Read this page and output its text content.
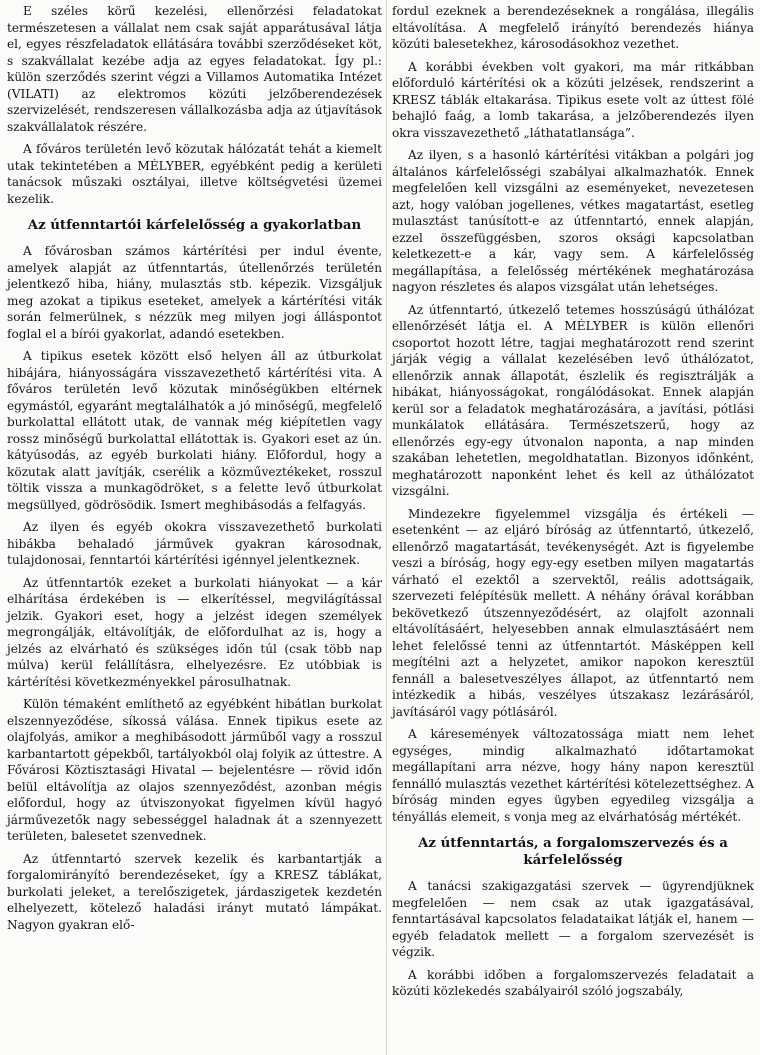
E széles körű kezelési, ellenőrzési feladatokat természetesen a vállalat nem csak saját apparátusával látja el, egyes részfeladatok ellátására további szerződéseket köt, s szakvállalat kezébe adja az egyes feladatokat. Így pl.: külön szerződés szerint végzi a Villamos Automatika Intézet (VILATI) az elektromos közúti jelzőberendezések szervizelését, rendszeresen vállalkozásba adja az útjavítások szakvállalatok részére.

A főváros területén levő közutak hálózatát tehát a kiemelt utak tekintetében a MÉLYBER, egyébként pedig a kerületi tanácsok műszaki osztályai, illetve költségvetési üzemei kezelik.

Az útfenntartói kárfelelősség a gyakorlatban

A fővárosban számos kártérítési per indul évente, amelyek alapját az útfenntartás, útellenőrzés területén jelentkező hiba, hiány, mulasztás stb. képezik. Vizsgáljuk meg azokat a tipikus eseteket, amelyek a kártérítési viták során felmerülnek, s nézzük meg milyen jogi álláspontot foglal el a bírói gyakorlat, adandó esetekben.

A tipikus esetek között első helyen áll az útburkolat hibájára, hiányosságára visszavezethető kártérítési vita. A főváros területén levő közutak minőségükben eltérnek egymástól, egyaránt megtalálhatók a jó minőségű, megfelelő burkolattal ellátott utak, de vannak még kiépítetlen vagy rossz minőségű burkolattal ellátottak is. Gyakori eset az ún. kátyúsodás, az egyéb burkolati hiány. Előfordul, hogy a közutak alatt javítják, cserélik a közműveztékeket, rosszul töltik vissza a munkagödröket, s a felette levő útburkolat megsüllyed, gödrösödik. Ismert meghibásodás a felfagyás.

Az ilyen és egyéb okokra visszavezethető burkolati hibákba behaladó járművek gyakran károsodnak, tulajdonosai, fenntartói kártérítési igénnyel jelentkeznek.

Az útfenntartók ezeket a burkolati hiányokat — a kár elhárítása érdekében is — elkerítéssel, megvilágítással jelzik. Gyakori eset, hogy a jelzést idegen személyek megrongálják, eltávolítják, de előfordulhat az is, hogy a jelzés az elvárható és szükséges időn túl (csak több nap múlva) kerül felállításra, elhelyezésre. Ez utóbbiak is kártérítési következményekkel párosulhatnak.

Külön témaként említhető az egyébként hibátlan burkolat elszennyeződése, síkossá válása. Ennek tipikus esete az olajfolyás, amikor a meghibásodott járműből vagy a rosszul karbantartott gépekből, tartályokból olaj folyik az úttestre. A Fővárosi Köztisztasági Hivatal — bejelentésre — rövid időn belül eltávolítja az olajos szennyeződést, azonban mégis előfordul, hogy az útviszonyokat figyelmen kívül hagyó járművezetők nagy sebességgel haladnak át a szennyezett területen, balesetet szenvednek.

Az útfenntartó szervek kezelik és karbantartják a forgalomirányító berendezéseket, így a KRESZ táblákat, burkolati jeleket, a terelőszigetek, járdaszigetek kezdetén elhelyezett, kötelező haladási irányt mutató lámpákat. Nagyon gyakran elő-

fordul ezeknek a berendezéseknek a rongálása, illegális eltávolítása. A megfelelő irányító berendezés hiánya közúti balesetekhez, károsodásokhoz vezethet.

A korábbi években volt gyakori, ma már ritkábban előforduló kártérítési ok a közúti jelzések, rendszerint a KRESZ táblák eltakarása. Tipikus esete volt az úttest fölé behajló faág, a lomb takarása, a jelzőberendezés ilyen okra visszavezethető „láthatatlansága”.

Az ilyen, s a hasonló kártérítési vitákban a polgári jog általános kárfelelősségi szabályai alkalmazhatók. Ennek megfelelően kell vizsgálni az eseményeket, nevezetesen azt, hogy valóban jogellenes, vétkes magatartást, esetleg mulasztást tanúsított-e az útfenntartó, ennek alapján, ezzel összefüggésben, szoros oksági kapcsolatban keletkezett-e a kár, vagy sem. A kárfelelősség megállapítása, a felelősség mértékének meghatározása nagyon részletes és alapos vizsgálat után lehetséges.

Az útfenntartó, útkezelő tetemes hosszúságú úthálózat ellenőrzését látja el. A MÉLYBER is külön ellenőri csoportot hozott létre, tagjai meghatározott rend szerint járják végig a vállalat kezelésében levő úthálózatot, ellenőrzik annak állapotát, észlelik és regisztrálják a hibákat, hiányosságokat, rongálódásokat. Ennek alapján kerül sor a feladatok meghatározására, a javítási, pótlási munkálatok ellátására. Természetszerű, hogy az ellenőrzés egy-egy útvonalon naponta, a nap minden szakában lehetetlen, megoldhatatlan. Bizonyos időnként, meghatározott naponként lehet és kell az úthálózatot vizsgálni.

Mindezekre figyelemmel vizsgálja és értékeli — esetenként — az eljáró bíróság az útfenntartó, útkezelő, ellenőrző magatartását, tevékenységét. Azt is figyelembe veszi a bíróság, hogy egy-egy esetben milyen magatartás várható el ezektől a szervektől, reális adottságaik, szervezeti felépítésük mellett. A néhány órával korábban bekövetkező útszennyeződésért, az olajfolt azonnali eltávolításáért, helyesebben annak elmulasztásáért nem lehet felelőssé tenni az útfenntartót. Másképpen kell megítélni azt a helyzetet, amikor napokon keresztül fennáll a balesetveszélyes állapot, az útfenntartó nem intézkedik a hibás, veszélyes útszakasz lezárásáról, javításáról vagy pótlásáról.

A káresemények változatossága miatt nem lehet egységes, mindig alkalmazható időtartamokat megállapítani arra nézve, hogy hány napon keresztül fennálló mulasztás vezethet kártérítési kötelezettséghez. A bíróság minden egyes ügyben egyedileg vizsgálja a tényállás elemeit, s vonja meg az elvárhatóság mértékét.

Az útfenntartás, a forgalomszervezés és a kárfelelősség

A tanácsi szakigazgatási szervek — ügyrendjüknek megfelelően — nem csak az utak igazgatásával, fenntartásával kapcsolatos feladataikat látják el, hanem — egyéb feladatok mellett — a forgalom szervezését is végzik.

A korábbi időben a forgalomszervezés feladatait a közúti közlekedés szabályairól szóló jogszabály,
